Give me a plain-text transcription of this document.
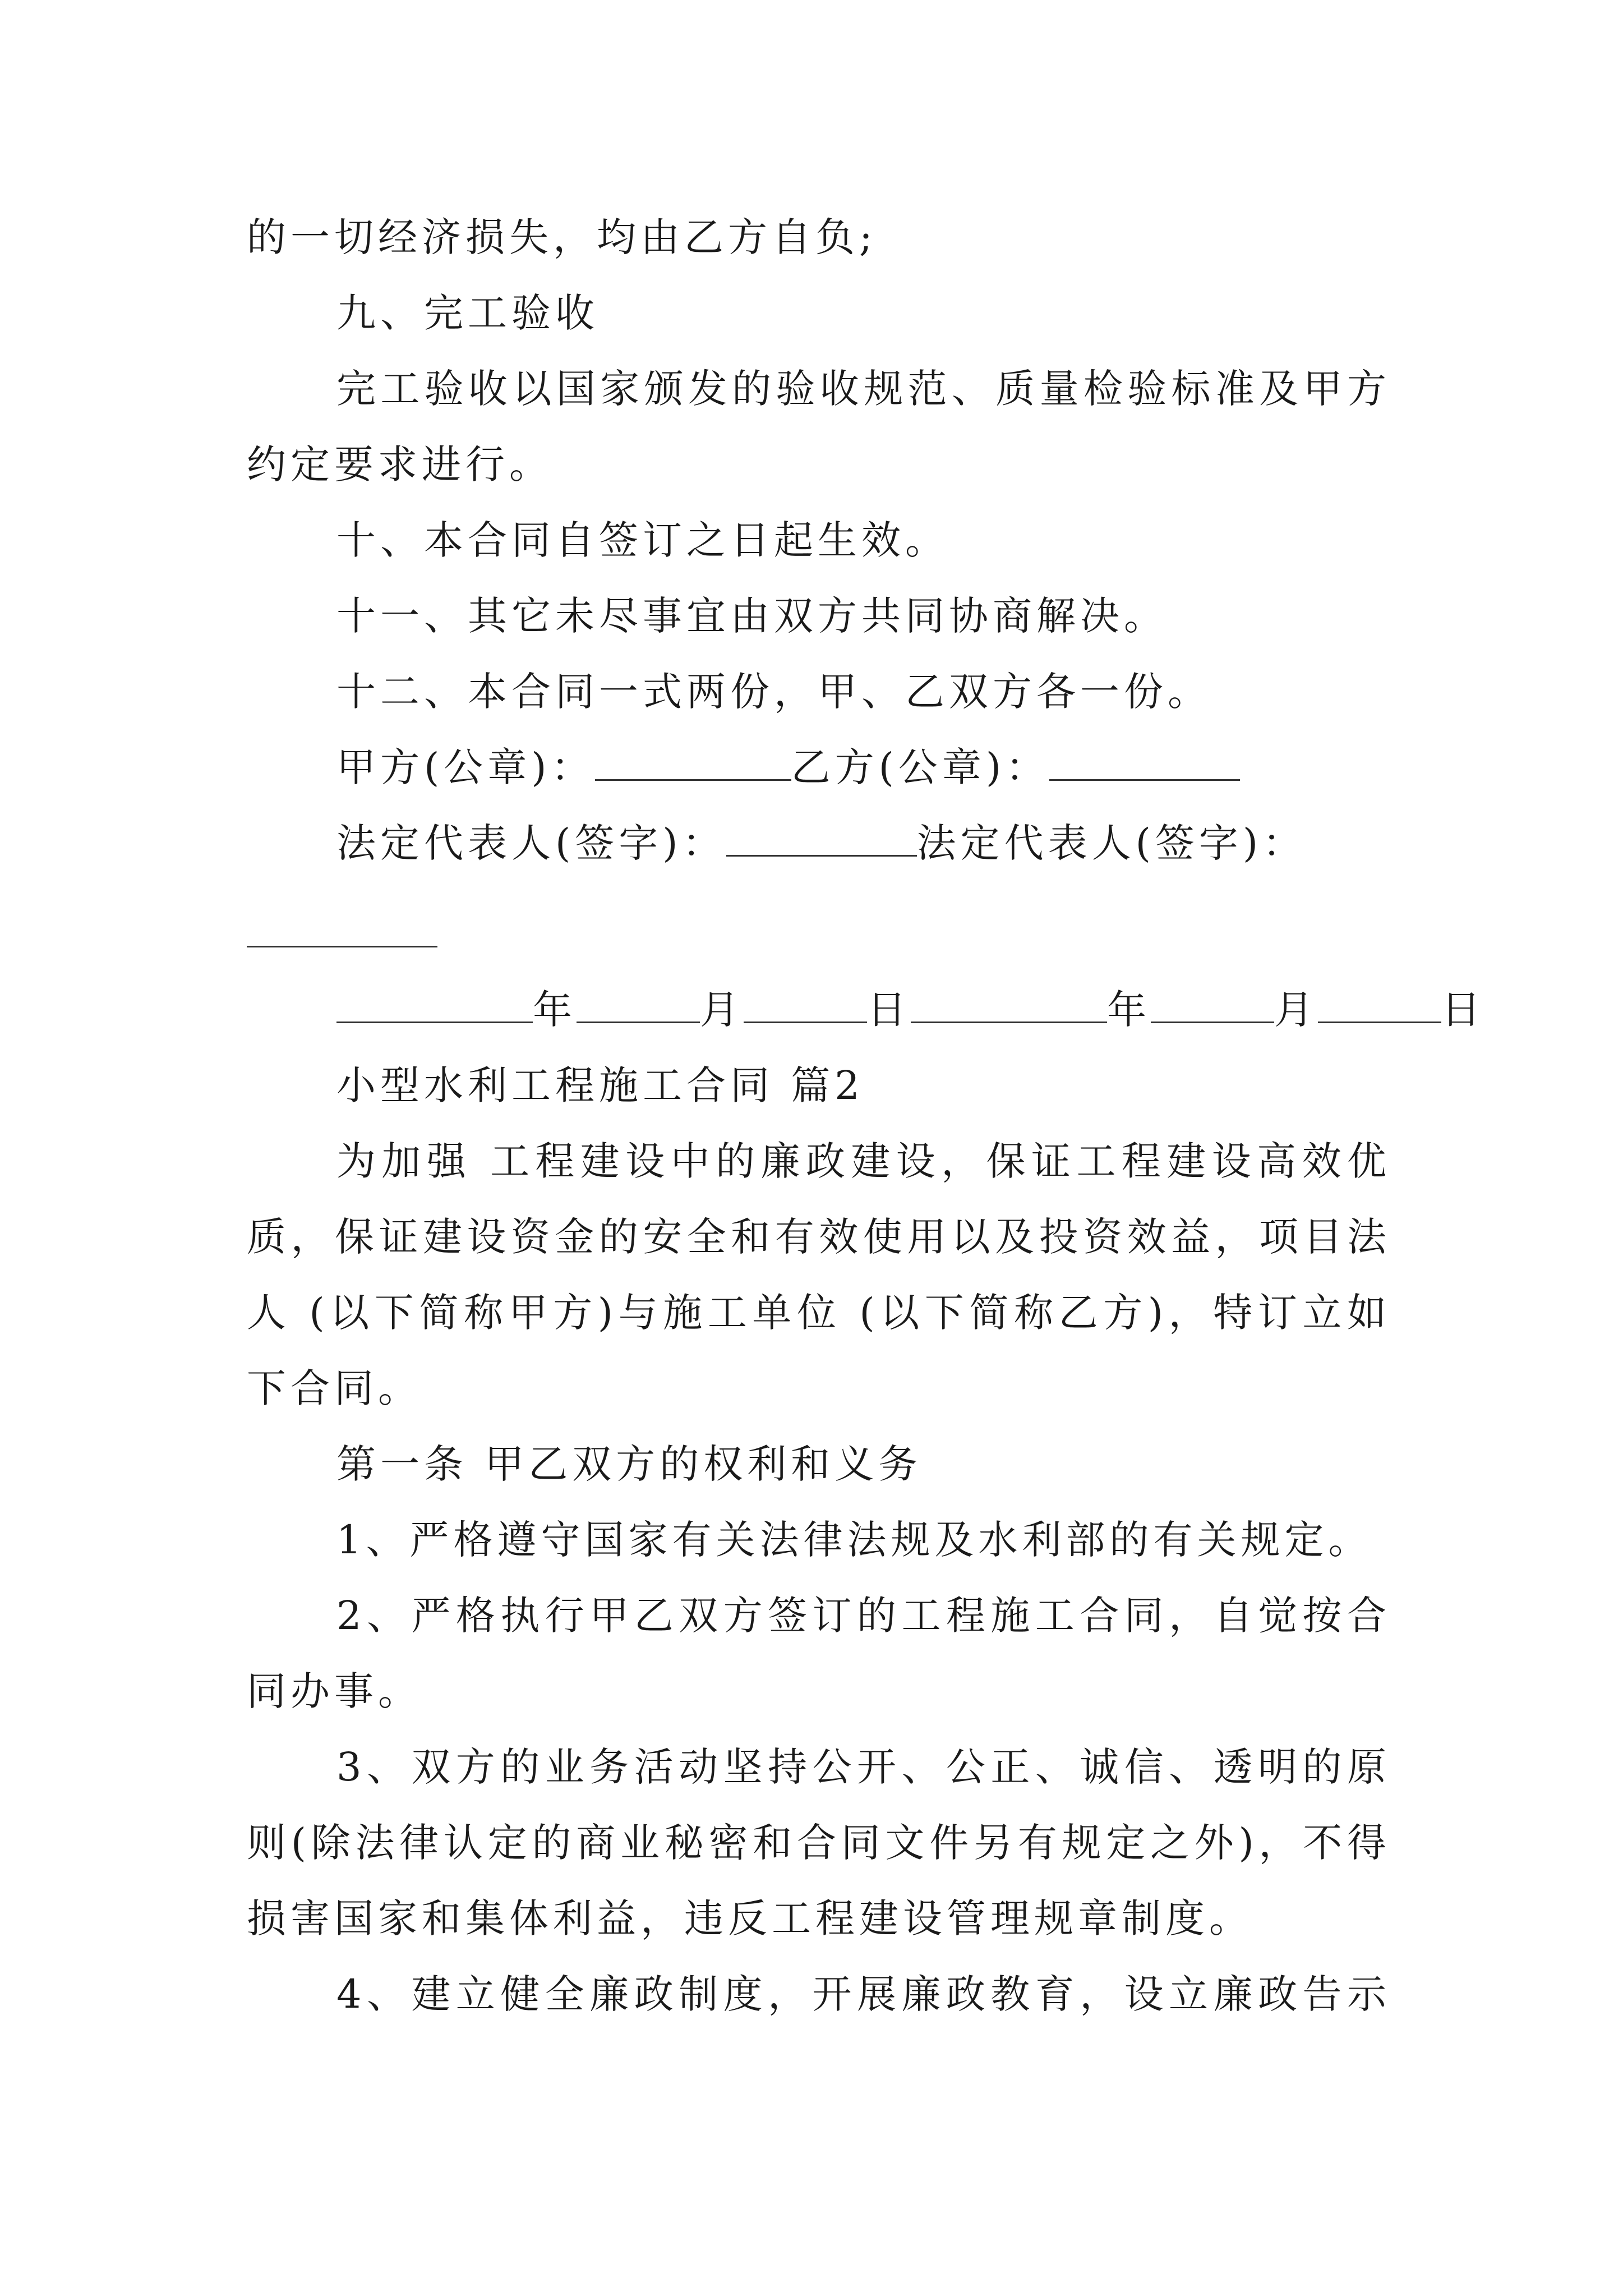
的一切经济损失，均由乙方自负;
九、完工验收
完工验收以国家颁发的验收规范、质量检验标准及甲方
约定要求进行。
十、本合同自签订之日起生效。
十一、其它未尽事宜由双方共同协商解决。
十二、本合同一式两份，甲、乙双方各一份。
甲方(公章)：	乙方(公章)：
法定代表人(签字)：	法定代表人(签字)：
年	月	日	年	月	日
小型水利工程施工合同 篇2
为加强 工程建设中的廉政建设，保证工程建设高效优
质，保证建设资金的安全和有效使用以及投资效益，项目法
人 (以下简称甲方)与施工单位 (以下简称乙方)，特订立如
下合同。
第一条 甲乙双方的权利和义务
1、严格遵守国家有关法律法规及水利部的有关规定。
2、严格执行甲乙双方签订的工程施工合同，自觉按合
同办事。
3、双方的业务活动坚持公开、公正、诚信、透明的原
则(除法律认定的商业秘密和合同文件另有规定之外)，不得
损害国家和集体利益，违反工程建设管理规章制度。
4、建立健全廉政制度，开展廉政教育，设立廉政告示
